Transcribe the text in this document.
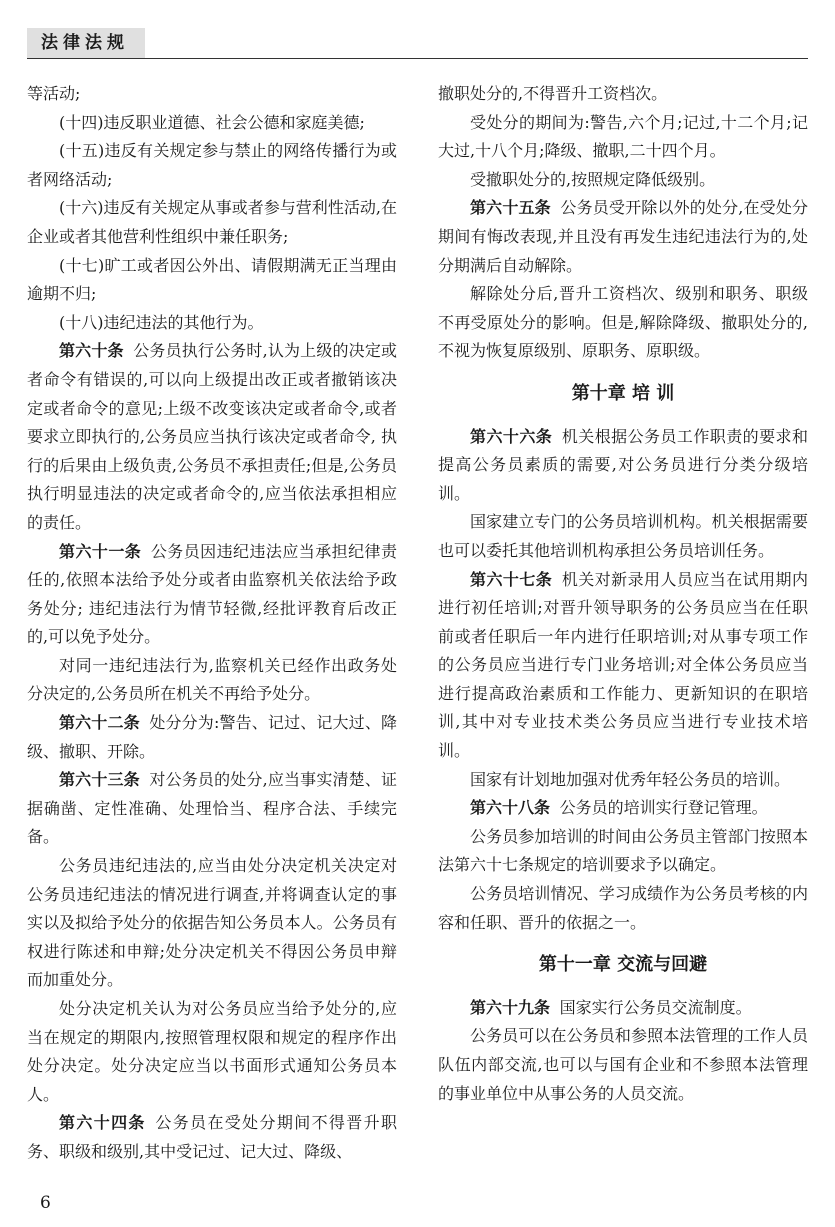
法律法规

等活动;

(十四)违反职业道德、社会公德和家庭美德;

(十五)违反有关规定参与禁止的网络传播行为或者网络活动;

(十六)违反有关规定从事或者参与营利性活动,在企业或者其他营利性组织中兼任职务;

(十七)旷工或者因公外出、请假期满无正当理由逾期不归;

(十八)违纪违法的其他行为。

第六十条 公务员执行公务时,认为上级的决定或者命令有错误的,可以向上级提出改正或者撤销该决定或者命令的意见;上级不改变该决定或者命令,或者要求立即执行的,公务员应当执行该决定或者命令, 执行的后果由上级负责,公务员不承担责任;但是,公务员执行明显违法的决定或者命令的,应当依法承担相应的责任。

第六十一条 公务员因违纪违法应当承担纪律责任的,依照本法给予处分或者由监察机关依法给予政务处分; 违纪违法行为情节轻微,经批评教育后改正的,可以免予处分。

对同一违纪违法行为,监察机关已经作出政务处分决定的,公务员所在机关不再给予处分。

第六十二条 处分分为:警告、记过、记大过、降级、撤职、开除。

第六十三条 对公务员的处分,应当事实清楚、证据确凿、定性准确、处理恰当、程序合法、手续完备。

公务员违纪违法的,应当由处分决定机关决定对公务员违纪违法的情况进行调查,并将调查认定的事实以及拟给予处分的依据告知公务员本人。公务员有权进行陈述和申辩;处分决定机关不得因公务员申辩而加重处分。

处分决定机关认为对公务员应当给予处分的,应当在规定的期限内,按照管理权限和规定的程序作出处分决定。处分决定应当以书面形式通知公务员本人。

第六十四条 公务员在受处分期间不得晋升职务、职级和级别,其中受记过、记大过、降级、

撤职处分的,不得晋升工资档次。

受处分的期间为:警告,六个月;记过,十二个月;记大过,十八个月;降级、撤职,二十四个月。

受撤职处分的,按照规定降低级别。

第六十五条 公务员受开除以外的处分,在受处分期间有悔改表现,并且没有再发生违纪违法行为的,处分期满后自动解除。

解除处分后,晋升工资档次、级别和职务、职级不再受原处分的影响。但是,解除降级、撤职处分的,不视为恢复原级别、原职务、原职级。

第十章 培 训

第六十六条 机关根据公务员工作职责的要求和提高公务员素质的需要,对公务员进行分类分级培训。

国家建立专门的公务员培训机构。机关根据需要也可以委托其他培训机构承担公务员培训任务。

第六十七条 机关对新录用人员应当在试用期内进行初任培训;对晋升领导职务的公务员应当在任职前或者任职后一年内进行任职培训;对从事专项工作的公务员应当进行专门业务培训;对全体公务员应当进行提高政治素质和工作能力、更新知识的在职培训,其中对专业技术类公务员应当进行专业技术培训。

国家有计划地加强对优秀年轻公务员的培训。

第六十八条 公务员的培训实行登记管理。

公务员参加培训的时间由公务员主管部门按照本法第六十七条规定的培训要求予以确定。

公务员培训情况、学习成绩作为公务员考核的内容和任职、晋升的依据之一。

第十一章 交流与回避

第六十九条 国家实行公务员交流制度。

公务员可以在公务员和参照本法管理的工作人员队伍内部交流,也可以与国有企业和不参照本法管理的事业单位中从事公务的人员交流。

6
